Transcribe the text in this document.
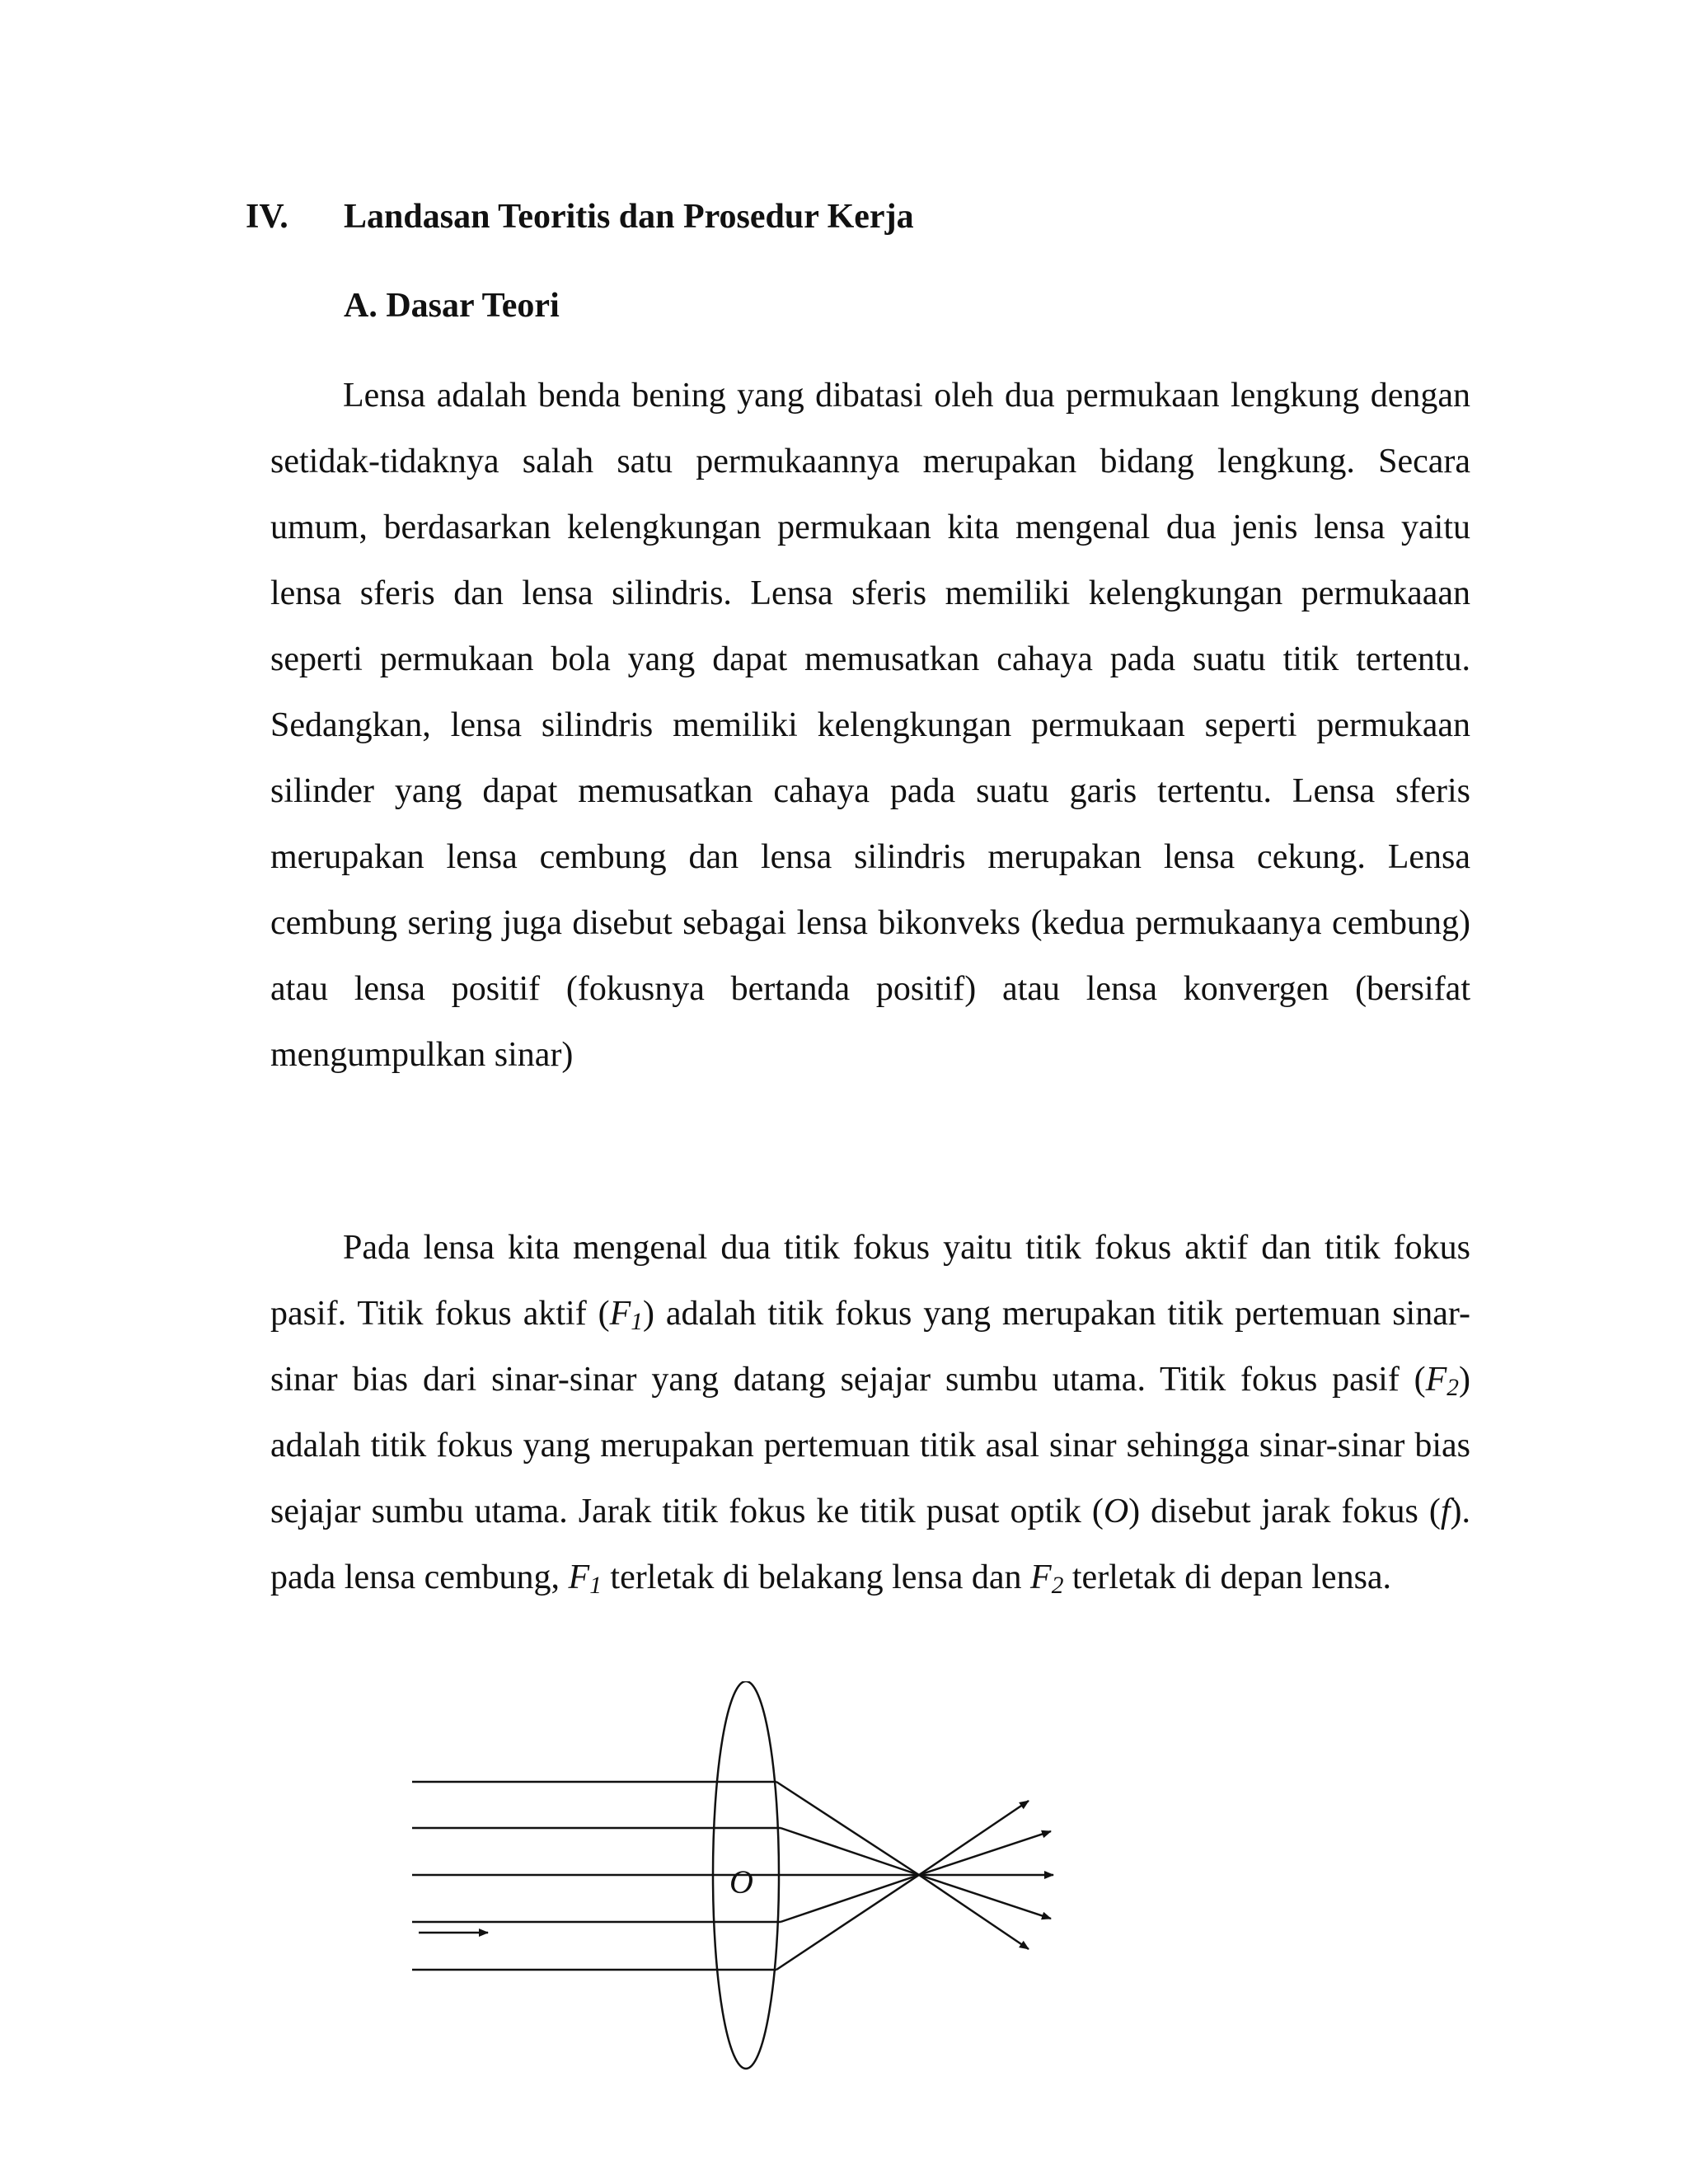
IV. Landasan Teoritis dan Prosedur Kerja
A. Dasar Teori

Lensa adalah benda bening yang dibatasi oleh dua permukaan lengkung dengan setidak-tidaknya salah satu permukaannya merupakan bidang lengkung. Secara umum, berdasarkan kelengkungan permukaan kita mengenal dua jenis lensa yaitu lensa sferis dan lensa silindris. Lensa sferis memiliki kelengkungan permukaaan seperti permukaan bola yang dapat memusatkan cahaya pada suatu titik tertentu. Sedangkan, lensa silindris memiliki kelengkungan permukaan seperti permukaan silinder yang dapat memusatkan cahaya pada suatu garis tertentu. Lensa sferis merupakan lensa cembung dan lensa silindris merupakan lensa cekung. Lensa cembung sering juga disebut sebagai lensa bikonveks (kedua permukaanya cembung) atau lensa positif (fokusnya bertanda positif) atau lensa konvergen (bersifat mengumpulkan sinar)

Pada lensa kita mengenal dua titik fokus yaitu titik fokus aktif dan titik fokus pasif. Titik fokus aktif $(F_1)$ adalah titik fokus yang merupakan titik pertemuan sinar-sinar bias dari sinar-sinar yang datang sejajar sumbu utama. Titik fokus pasif $(F_2)$ adalah titik fokus yang merupakan pertemuan titik asal sinar sehingga sinar-sinar bias sejajar sumbu utama. Jarak titik fokus ke titik pusat optik (O) disebut jarak fokus (f). pada lensa cembung, $F_1$ terletak di belakang lensa dan $F_2$ terletak di depan lensa.

O
